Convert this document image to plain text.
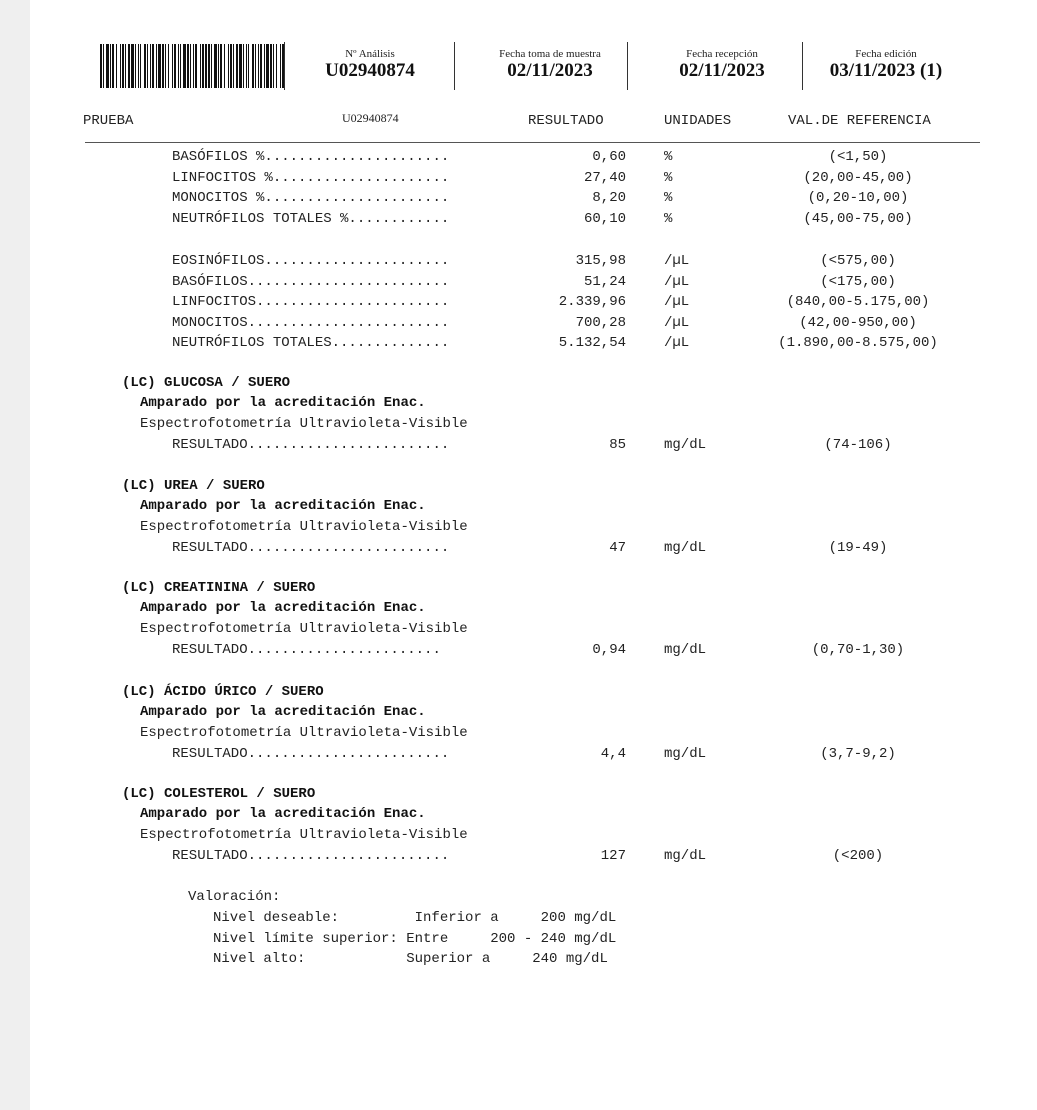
Nº Análisis
U02940874
Fecha toma de muestra
02/11/2023
Fecha recepción
02/11/2023
Fecha edición
03/11/2023 (1)
PRUEBA	U02940874	RESULTADO	UNIDADES	VAL.DE REFERENCIA
BASÓFILOS %......................	0,60	%	(<1,50)
LINFOCITOS %.....................	27,40	%	(20,00-45,00)
MONOCITOS %......................	8,20	%	(0,20-10,00)
NEUTRÓFILOS TOTALES %............	60,10	%	(45,00-75,00)
EOSINÓFILOS......................	315,98	/µL	(<575,00)
BASÓFILOS........................	51,24	/µL	(<175,00)
LINFOCITOS.......................	2.339,96	/µL	(840,00-5.175,00)
MONOCITOS........................	700,28	/µL	(42,00-950,00)
NEUTRÓFILOS TOTALES..............	5.132,54	/µL	(1.890,00-8.575,00)
(LC) GLUCOSA / SUERO
Amparado por la acreditación Enac.
Espectrofotometría Ultravioleta-Visible
RESULTADO........................	85	mg/dL	(74-106)
(LC) UREA / SUERO
Amparado por la acreditación Enac.
Espectrofotometría Ultravioleta-Visible
RESULTADO........................	47	mg/dL	(19-49)
(LC) CREATININA / SUERO
Amparado por la acreditación Enac.
Espectrofotometría Ultravioleta-Visible
RESULTADO.......................	0,94	mg/dL	(0,70-1,30)
(LC) ÁCIDO ÚRICO / SUERO
Amparado por la acreditación Enac.
Espectrofotometría Ultravioleta-Visible
RESULTADO........................	4,4	mg/dL	(3,7-9,2)
(LC) COLESTEROL / SUERO
Amparado por la acreditación Enac.
Espectrofotometría Ultravioleta-Visible
RESULTADO........................	127	mg/dL	(<200)
Valoración:
Nivel deseable:         Inferior a     200 mg/dL
Nivel límite superior: Entre     200 - 240 mg/dL
Nivel alto:            Superior a     240 mg/dL
